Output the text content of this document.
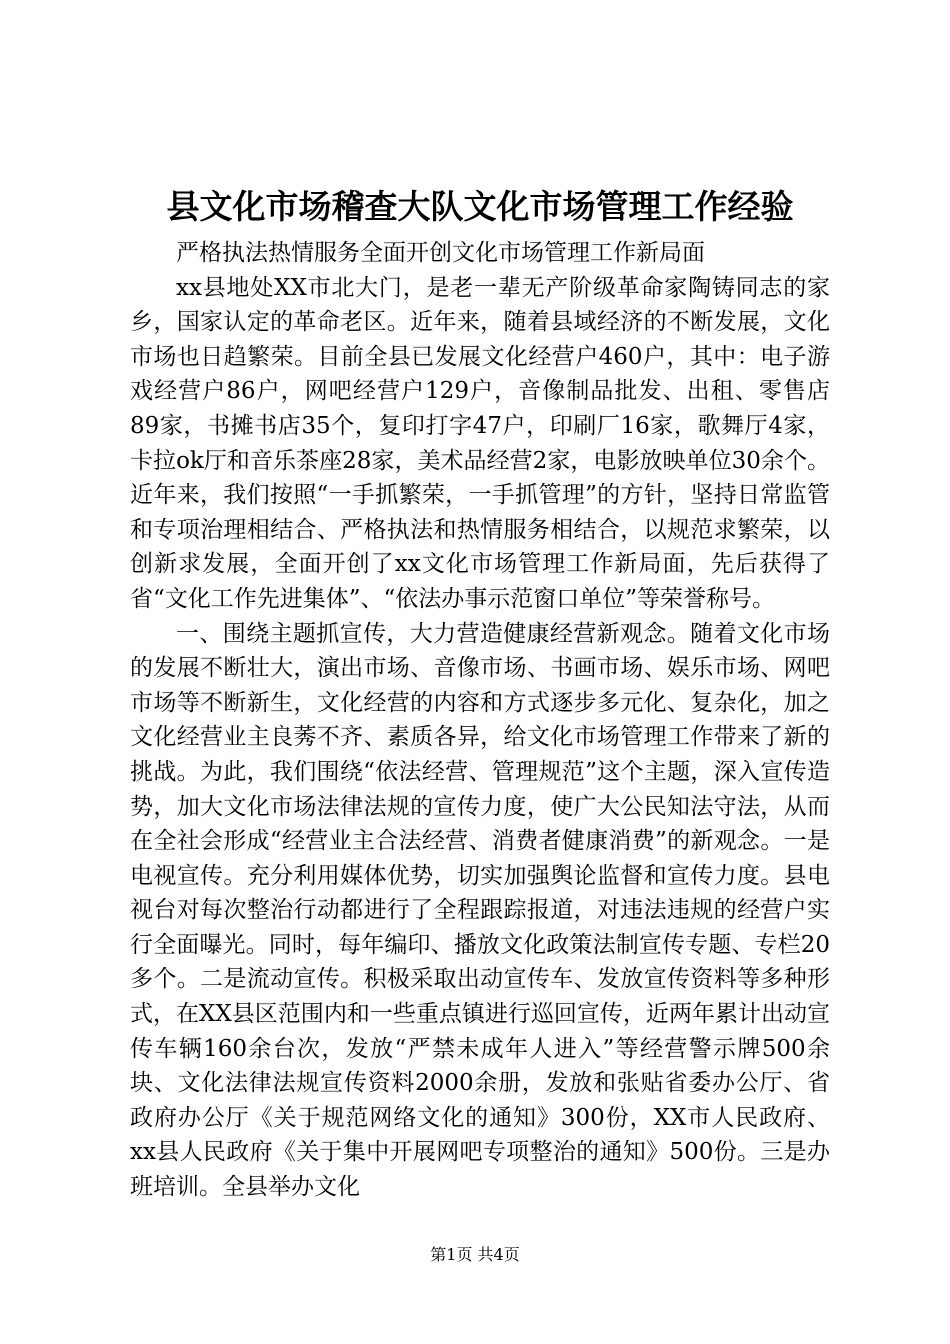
县文化市场稽查大队文化市场管理工作经验
严格执法热情服务全面开创文化市场管理工作新局面

xx县地处XX市北大门，是老一辈无产阶级革命家陶铸同志的家乡，国家认定的革命老区。近年来，随着县域经济的不断发展，文化市场也日趋繁荣。目前全县已发展文化经营户460户，其中：电子游戏经营户86户，网吧经营户129户，音像制品批发、出租、零售店89家，书摊书店35个，复印打字47户，印刷厂16家，歌舞厅4家，卡拉ok厅和音乐茶座28家，美术品经营2家，电影放映单位30余个。近年来，我们按照“一手抓繁荣，一手抓管理”的方针，坚持日常监管和专项治理相结合、严格执法和热情服务相结合，以规范求繁荣，以创新求发展，全面开创了xx文化市场管理工作新局面，先后获得了省“文化工作先进集体”、“依法办事示范窗口单位”等荣誉称号。

一、围绕主题抓宣传，大力营造健康经营新观念。随着文化市场的发展不断壮大，演出市场、音像市场、书画市场、娱乐市场、网吧市场等不断新生，文化经营的内容和方式逐步多元化、复杂化，加之文化经营业主良莠不齐、素质各异，给文化市场管理工作带来了新的挑战。为此，我们围绕“依法经营、管理规范”这个主题，深入宣传造势，加大文化市场法律法规的宣传力度，使广大公民知法守法，从而在全社会形成“经营业主合法经营、消费者健康消费”的新观念。一是电视宣传。充分利用媒体优势，切实加强舆论监督和宣传力度。县电视台对每次整治行动都进行了全程跟踪报道，对违法违规的经营户实行全面曝光。同时，每年编印、播放文化政策法制宣传专题、专栏20多个。二是流动宣传。积极采取出动宣传车、发放宣传资料等多种形式，在XX县区范围内和一些重点镇进行巡回宣传，近两年累计出动宣传车辆160余台次，发放“严禁未成年人进入”等经营警示牌500余块、文化法律法规宣传资料2000余册，发放和张贴省委办公厅、省政府办公厅《关于规范网络文化的通知》300份，XX市人民政府、xx县人民政府《关于集中开展网吧专项整治的通知》500份。三是办班培训。全县举办文化

第1页 共4页
